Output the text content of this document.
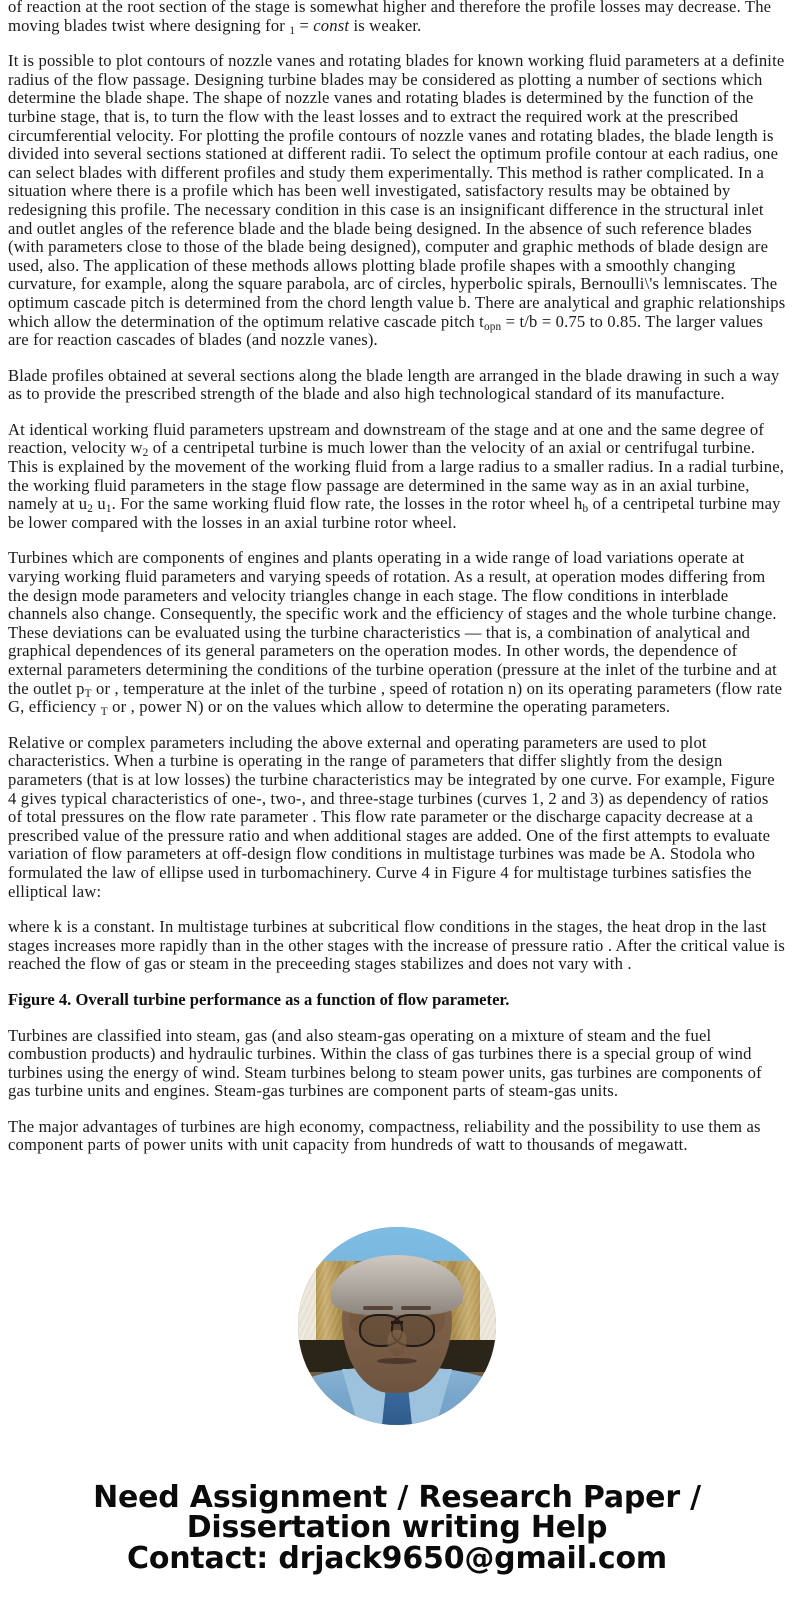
of reaction at the root section of the stage is somewhat higher and therefore the profile losses may decrease. The moving blades twist where designing for $_1$ = const is weaker.

It is possible to plot contours of nozzle vanes and rotating blades for known working fluid parameters at a definite radius of the flow passage. Designing turbine blades may be considered as plotting a number of sections which determine the blade shape. The shape of nozzle vanes and rotating blades is determined by the function of the turbine stage, that is, to turn the flow with the least losses and to extract the required work at the prescribed circumferential velocity. For plotting the profile contours of nozzle vanes and rotating blades, the blade length is divided into several sections stationed at different radii. To select the optimum profile contour at each radius, one can select blades with different profiles and study them experimentally. This method is rather complicated. In a situation where there is a profile which has been well investigated, satisfactory results may be obtained by redesigning this profile. The necessary condition in this case is an insignificant difference in the structural inlet and outlet angles of the reference blade and the blade being designed. In the absence of such reference blades (with parameters close to those of the blade being designed), computer and graphic methods of blade design are used, also. The application of these methods allows plotting blade profile shapes with a smoothly changing curvature, for example, along the square parabola, arc of circles, hyperbolic spirals, Bernoulli\'s lemniscates. The optimum cascade pitch is determined from the chord length value b. There are analytical and graphic relationships which allow the determination of the optimum relative cascade pitch $t_{opn} = t/b = 0.75$ to 0.85. The larger values are for reaction cascades of blades (and nozzle vanes).

Blade profiles obtained at several sections along the blade length are arranged in the blade drawing in such a way as to provide the prescribed strength of the blade and also high technological standard of its manufacture.

At identical working fluid parameters upstream and downstream of the stage and at one and the same degree of reaction, velocity $w_2$ of a centripetal turbine is much lower than the velocity of an axial or centrifugal turbine. This is explained by the movement of the working fluid from a large radius to a smaller radius. In a radial turbine, the working fluid parameters in the stage flow passage are determined in the same way as in an axial turbine, namely at $u_2$ $u_1$. For the same working fluid flow rate, the losses in the rotor wheel $h_b$ of a centripetal turbine may be lower compared with the losses in an axial turbine rotor wheel.

Turbines which are components of engines and plants operating in a wide range of load variations operate at varying working fluid parameters and varying speeds of rotation. As a result, at operation modes differing from the design mode parameters and velocity triangles change in each stage. The flow conditions in interblade channels also change. Consequently, the specific work and the efficiency of stages and the whole turbine change. These deviations can be evaluated using the turbine characteristics — that is, a combination of analytical and graphical dependences of its general parameters on the operation modes. In other words, the dependence of external parameters determining the conditions of the turbine operation (pressure at the inlet of the turbine and at the outlet $p_T$ or , temperature at the inlet of the turbine , speed of rotation n) on its operating parameters (flow rate G, efficiency $_T$ or , power N) or on the values which allow to determine the operating parameters.

Relative or complex parameters including the above external and operating parameters are used to plot characteristics. When a turbine is operating in the range of parameters that differ slightly from the design parameters (that is at low losses) the turbine characteristics may be integrated by one curve. For example, Figure 4 gives typical characteristics of one-, two-, and three-stage turbines (curves 1, 2 and 3) as dependency of ratios of total pressures on the flow rate parameter . This flow rate parameter or the discharge capacity decrease at a prescribed value of the pressure ratio and when additional stages are added. One of the first attempts to evaluate variation of flow parameters at off-design flow conditions in multistage turbines was made be A. Stodola who formulated the law of ellipse used in turbomachinery. Curve 4 in Figure 4 for multistage turbines satisfies the elliptical law:

where k is a constant. In multistage turbines at subcritical flow conditions in the stages, the heat drop in the last stages increases more rapidly than in the other stages with the increase of pressure ratio . After the critical value is reached the flow of gas or steam in the preceeding stages stabilizes and does not vary with .

Figure 4. Overall turbine performance as a function of flow parameter.

Turbines are classified into steam, gas (and also steam-gas operating on a mixture of steam and the fuel combustion products) and hydraulic turbines. Within the class of gas turbines there is a special group of wind turbines using the energy of wind. Steam turbines belong to steam power units, gas turbines are components of gas turbine units and engines. Steam-gas turbines are component parts of steam-gas units.

The major advantages of turbines are high economy, compactness, reliability and the possibility to use them as component parts of power units with unit capacity from hundreds of watt to thousands of megawatt.

Need Assignment / Research Paper / Dissertation writing Help
Contact: drjack9650@gmail.com
